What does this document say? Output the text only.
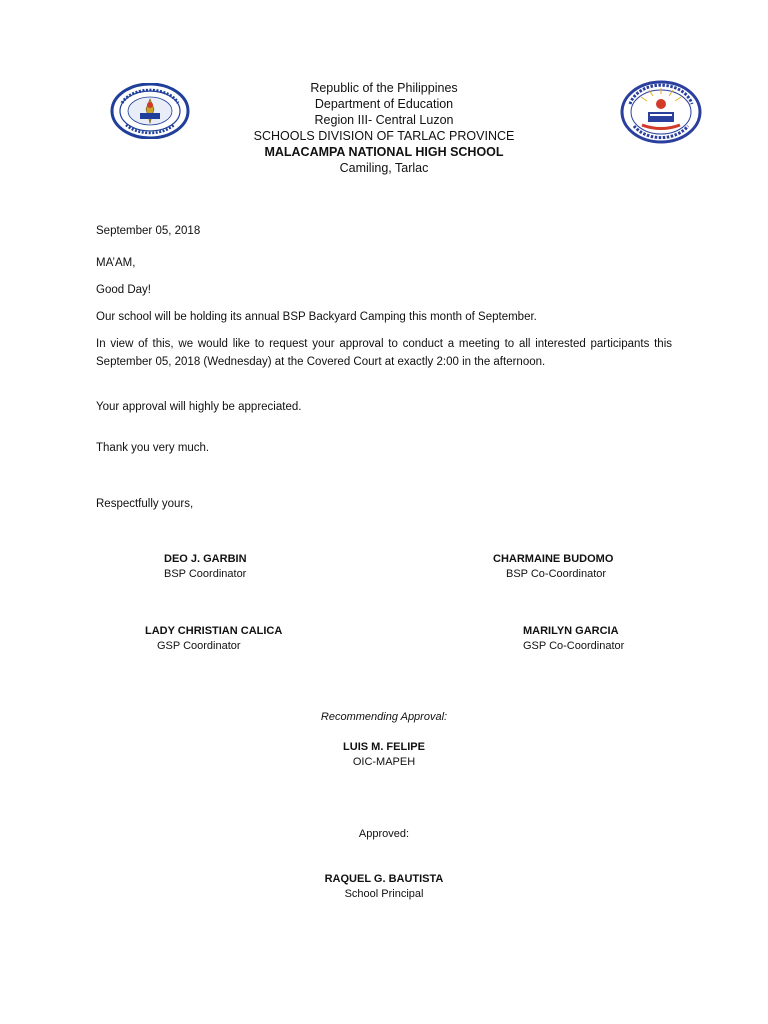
Republic of the Philippines
Department of Education
Region III- Central Luzon
SCHOOLS DIVISION OF TARLAC PROVINCE
MALACAMPA NATIONAL HIGH SCHOOL
Camiling, Tarlac
September 05, 2018
MA’AM,
Good Day!
Our school will be holding its annual BSP Backyard Camping this month of September.
In view of this, we would like to request your approval to conduct a meeting to all interested participants this September 05, 2018 (Wednesday) at the Covered Court at exactly 2:00 in the afternoon.
Your approval will highly be appreciated.
Thank you very much.
Respectfully yours,
DEO J. GARBIN
BSP Coordinator
CHARMAINE BUDOMO
BSP Co-Coordinator
LADY CHRISTIAN CALICA
GSP Coordinator
MARILYN GARCIA
GSP Co-Coordinator
Recommending Approval:
LUIS M. FELIPE
OIC-MAPEH
Approved:
RAQUEL G. BAUTISTA
School Principal
